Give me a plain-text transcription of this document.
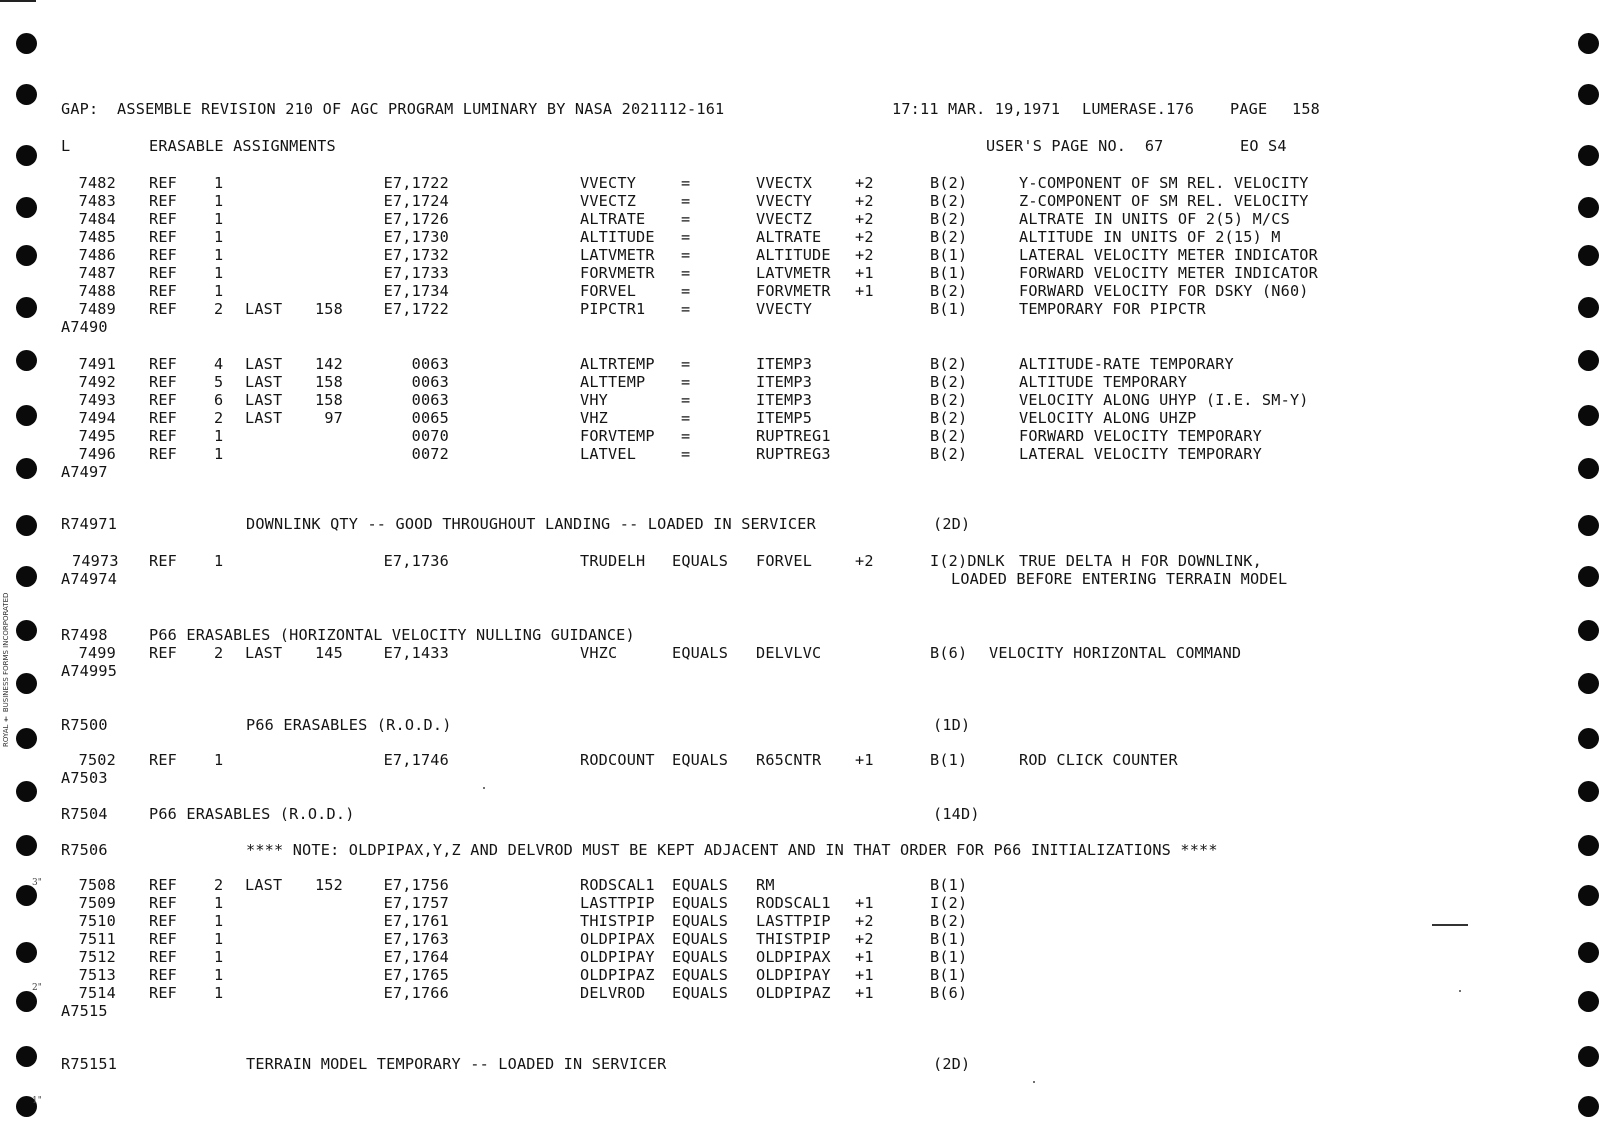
ROYAL ✝ BUSINESS FORMS INCORPORATED
3"
2"
1"

GAP:  ASSEMBLE REVISION 210 OF AGC PROGRAM LUMINARY BY NASA 2021112-161

	17:11 MAR. 19,1971

LUMERASE.176

PAGE

158

L

	ERASABLE ASSIGNMENTS

	USER'S PAGE NO.  67

	EO S4

7482 REF 1	E7,1722	VVECTY	=	VVECTX	+2	B(2)	Y-COMPONENT OF SM REL. VELOCITY
7483 REF 1	E7,1724	VVECTZ	=	VVECTY	+2	B(2)	Z-COMPONENT OF SM REL. VELOCITY
7484 REF 1	E7,1726	ALTRATE =	VVECTZ	+2	B(2)	ALTRATE IN UNITS OF 2(5) M/CS
7485 REF 1	E7,1730	ALTITUDE =	ALTRATE +2	B(2)	ALTITUDE IN UNITS OF 2(15) M
7486 REF 1	E7,1732	LATVMETR =	ALTITUDE +2	B(1)	LATERAL VELOCITY METER INDICATOR
7487 REF 1	E7,1733	FORVMETR =	LATVMETR +1	B(1)	FORWARD VELOCITY METER INDICATOR
7488 REF 1	E7,1734	FORVEL	=	FORVMETR +1	B(2)	FORWARD VELOCITY FOR DSKY (N60)
7489 REF 2 LAST	158	E7,1722	PIPCTR1 =	VVECTY	B(1)	TEMPORARY FOR PIPCTR
A7490
7491 REF 4 LAST	142	0063	ALTRTEMP =	ITEMP3	B(2)	ALTITUDE-RATE TEMPORARY
7492 REF 5 LAST	158	0063	ALTTEMP =	ITEMP3	B(2)	ALTITUDE TEMPORARY
7493 REF 6 LAST	158	0063	VHY	=	ITEMP3	B(2)	VELOCITY ALONG UHYP (I.E. SM-Y)
7494 REF 2 LAST	97	0065	VHZ	=	ITEMP5	B(2)	VELOCITY ALONG UHZP
7495 REF 1	0070	FORVTEMP =	RUPTREG1	B(2)	FORWARD VELOCITY TEMPORARY
7496 REF 1	0072	LATVEL	=	RUPTREG3	B(2)	LATERAL VELOCITY TEMPORARY
A7497
R74971	DOWNLINK QTY -- GOOD THROUGHOUT LANDING -- LOADED IN SERVICER	(2D)
74973 REF 1	E7,1736	TRUDELH EQUALS FORVEL	+2	I(2)DNLK TRUE DELTA H FOR DOWNLINK,
A74974	LOADED BEFORE ENTERING TERRAIN MODEL
R7498	P66 ERASABLES (HORIZONTAL VELOCITY NULLING GUIDANCE)
7499 REF 2 LAST	145	E7,1433	VHZC	EQUALS DELVLVC	B(6) VELOCITY HORIZONTAL COMMAND
A74995
R7500	P66 ERASABLES (R.O.D.)	(1D)
7502 REF 1	E7,1746	RODCOUNT EQUALS R65CNTR +1	B(1)	ROD CLICK COUNTER
A7503
R7504	P66 ERASABLES (R.O.D.)	(14D)
R7506	**** NOTE: OLDPIPAX,Y,Z AND DELVROD MUST BE KEPT ADJACENT AND IN THAT ORDER FOR P66 INITIALIZATIONS ****
7508 REF 2 LAST	152	E7,1756	RODSCAL1 EQUALS RM	B(1)
7509 REF 1	E7,1757	LASTTPIP EQUALS RODSCAL1 +1	I(2)
7510 REF 1	E7,1761	THISTPIP EQUALS LASTTPIP +2	B(2)
7511 REF 1	E7,1763	OLDPIPAX EQUALS THISTPIP +2	B(1)
7512 REF 1	E7,1764	OLDPIPAY EQUALS OLDPIPAX +1	B(1)
7513 REF 1	E7,1765	OLDPIPAZ EQUALS OLDPIPAY +1	B(1)
7514 REF 1	E7,1766	DELVROD EQUALS OLDPIPAZ +1	B(6)
A7515
R75151	TERRAIN MODEL TEMPORARY -- LOADED IN SERVICER	(2D)
